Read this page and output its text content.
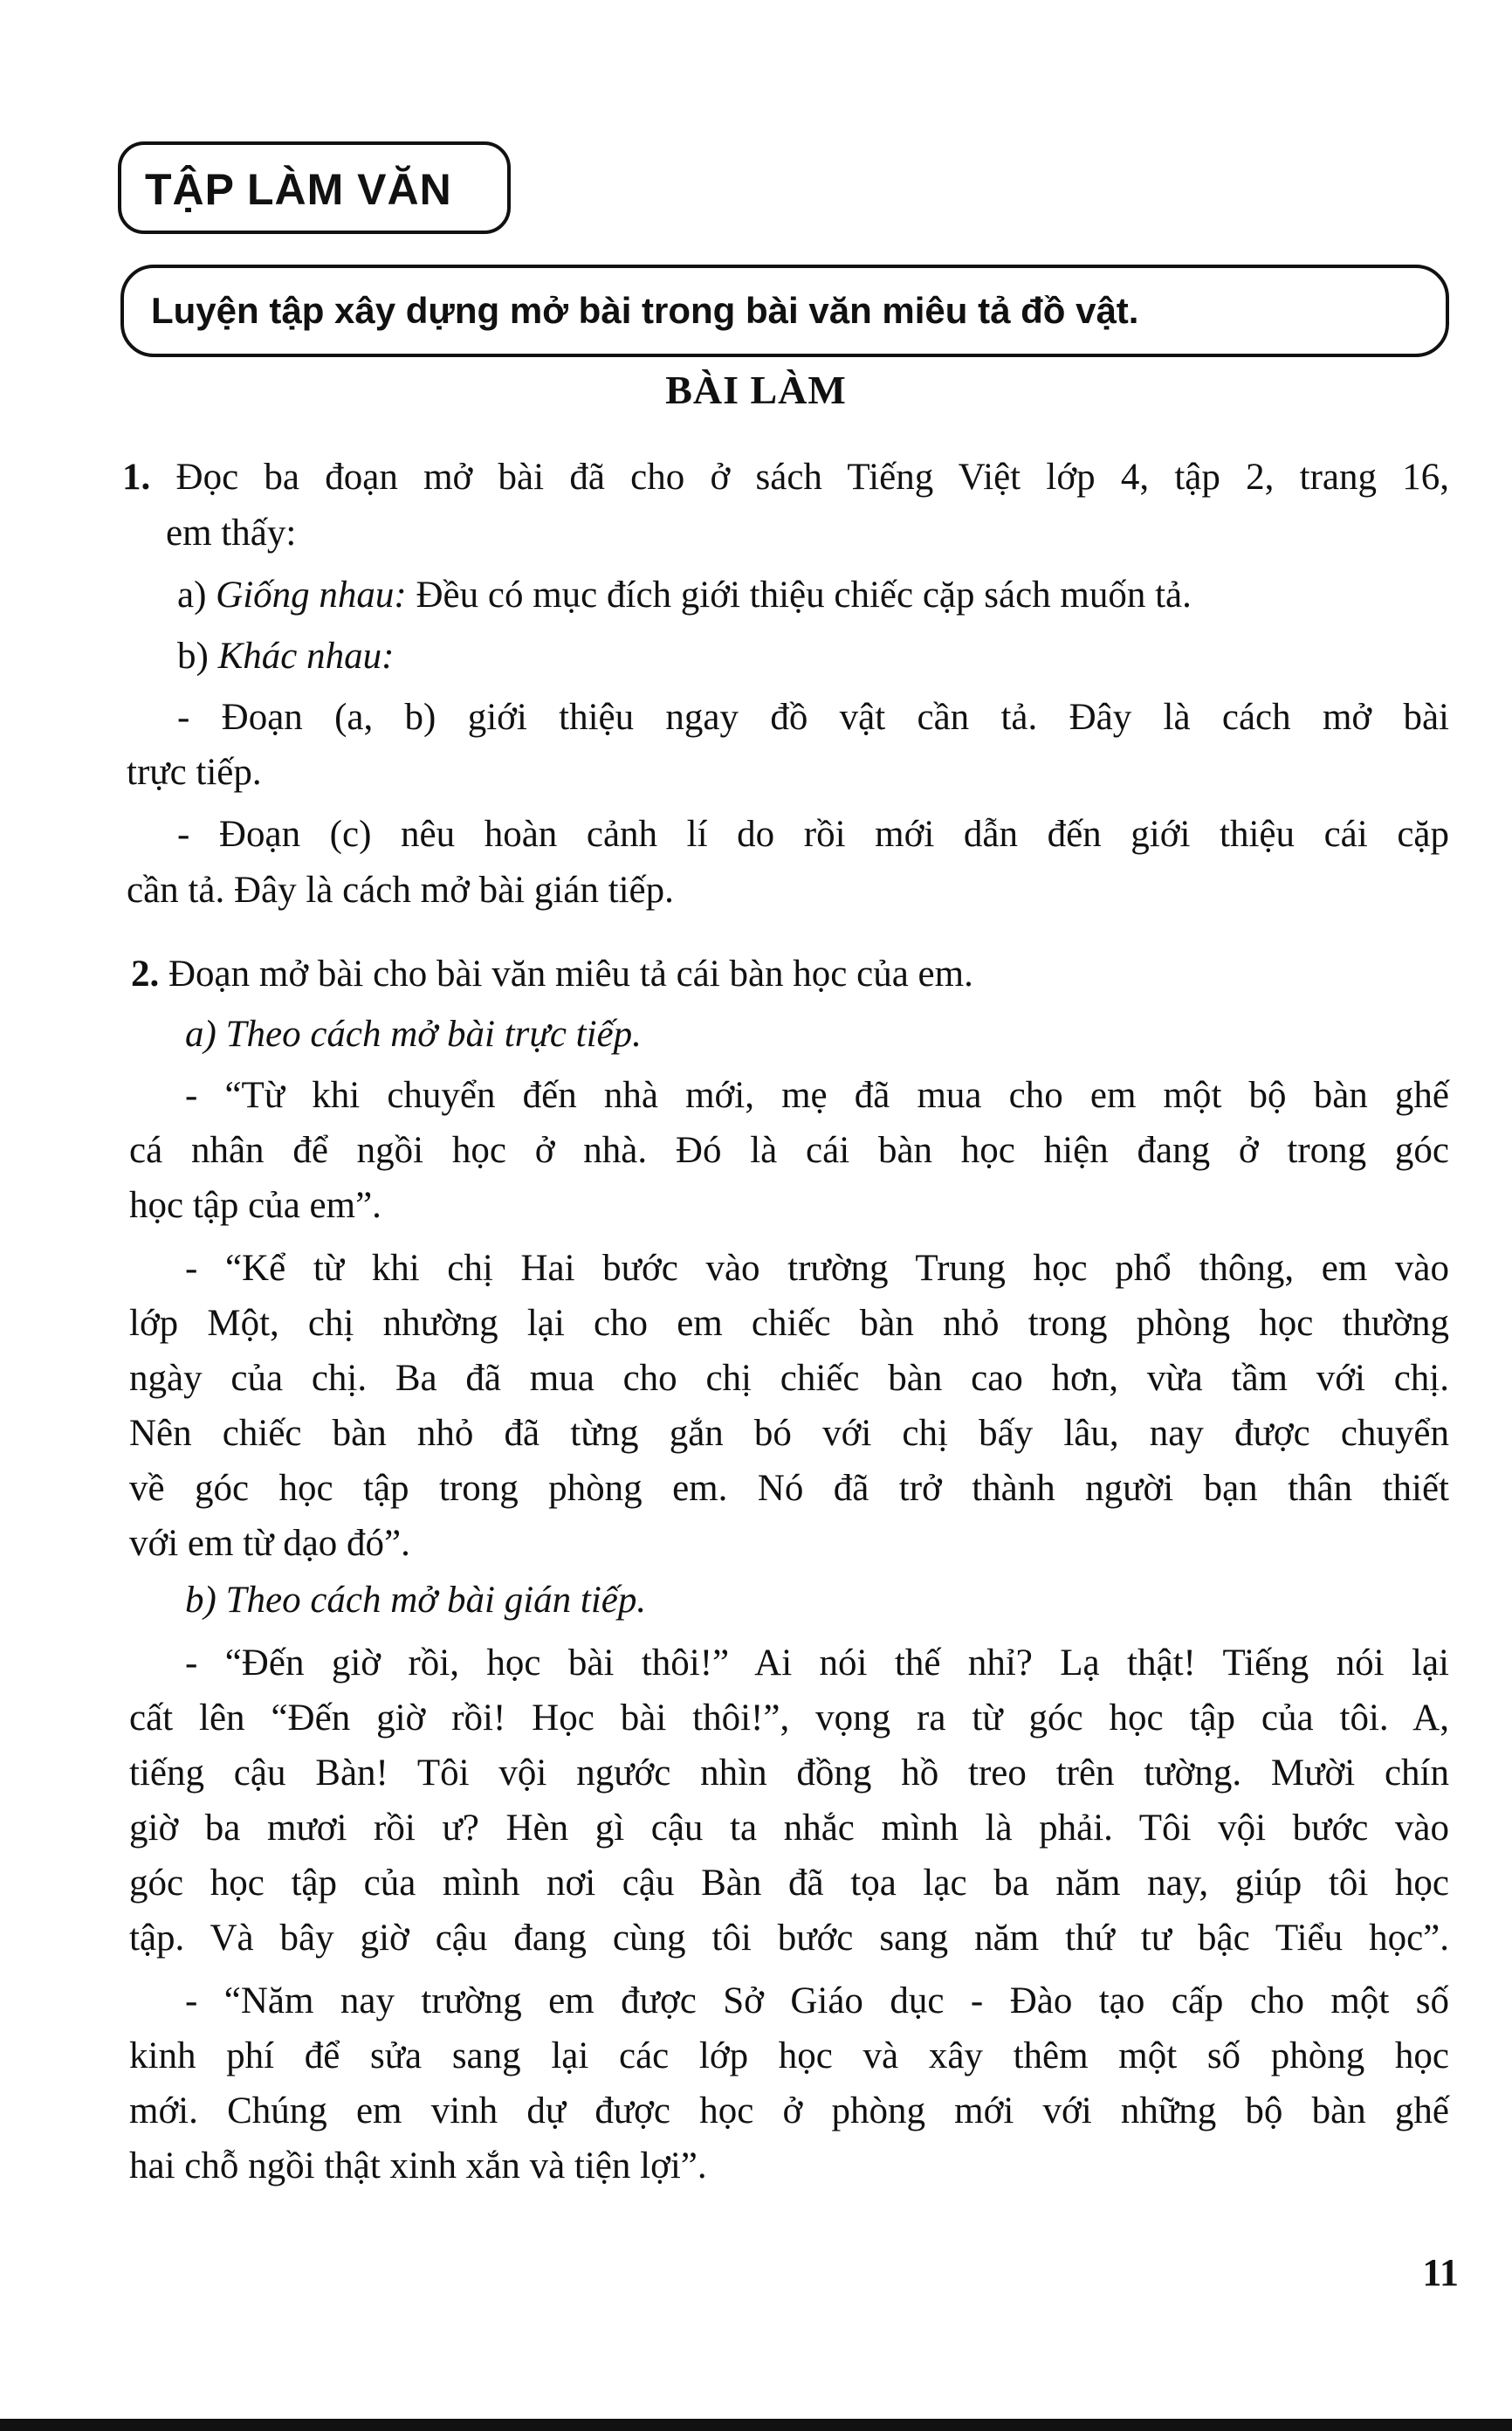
TẬP LÀM VĂN
Luyện tập xây dựng mở bài trong bài văn miêu tả đồ vật.
BÀI LÀM
1. Đọc ba đoạn mở bài đã cho ở sách Tiếng Việt lớp 4, tập 2, trang 16,
em thấy:
a) Giống nhau: Đều có mục đích giới thiệu chiếc cặp sách muốn tả.
b) Khác nhau:
- Đoạn (a, b) giới thiệu ngay đồ vật cần tả. Đây là cách mở bài
trực tiếp.
- Đoạn (c) nêu hoàn cảnh lí do rồi mới dẫn đến giới thiệu cái cặp
cần tả. Đây là cách mở bài gián tiếp.
2. Đoạn mở bài cho bài văn miêu tả cái bàn học của em.
a) Theo cách mở bài trực tiếp.
- “Từ khi chuyển đến nhà mới, mẹ đã mua cho em một bộ bàn ghế
cá nhân để ngồi học ở nhà. Đó là cái bàn học hiện đang ở trong góc
học tập của em”.
- “Kể từ khi chị Hai bước vào trường Trung học phổ thông, em vào
lớp Một, chị nhường lại cho em chiếc bàn nhỏ trong phòng học thường
ngày của chị. Ba đã mua cho chị chiếc bàn cao hơn, vừa tầm với chị.
Nên chiếc bàn nhỏ đã từng gắn bó với chị bấy lâu, nay được chuyển
về góc học tập trong phòng em. Nó đã trở thành người bạn thân thiết
với em từ dạo đó”.
b) Theo cách mở bài gián tiếp.
- “Đến giờ rồi, học bài thôi!” Ai nói thế nhỉ? Lạ thật! Tiếng nói lại
cất lên “Đến giờ rồi! Học bài thôi!”, vọng ra từ góc học tập của tôi. A,
tiếng cậu Bàn! Tôi vội ngước nhìn đồng hồ treo trên tường. Mười chín
giờ ba mươi rồi ư? Hèn gì cậu ta nhắc mình là phải. Tôi vội bước vào
góc học tập của mình nơi cậu Bàn đã tọa lạc ba năm nay, giúp tôi học
tập. Và bây giờ cậu đang cùng tôi bước sang năm thứ tư bậc Tiểu học”.
- “Năm nay trường em được Sở Giáo dục - Đào tạo cấp cho một số
kinh phí để sửa sang lại các lớp học và xây thêm một số phòng học
mới. Chúng em vinh dự được học ở phòng mới với những bộ bàn ghế
hai chỗ ngồi thật xinh xắn và tiện lợi”.
11
